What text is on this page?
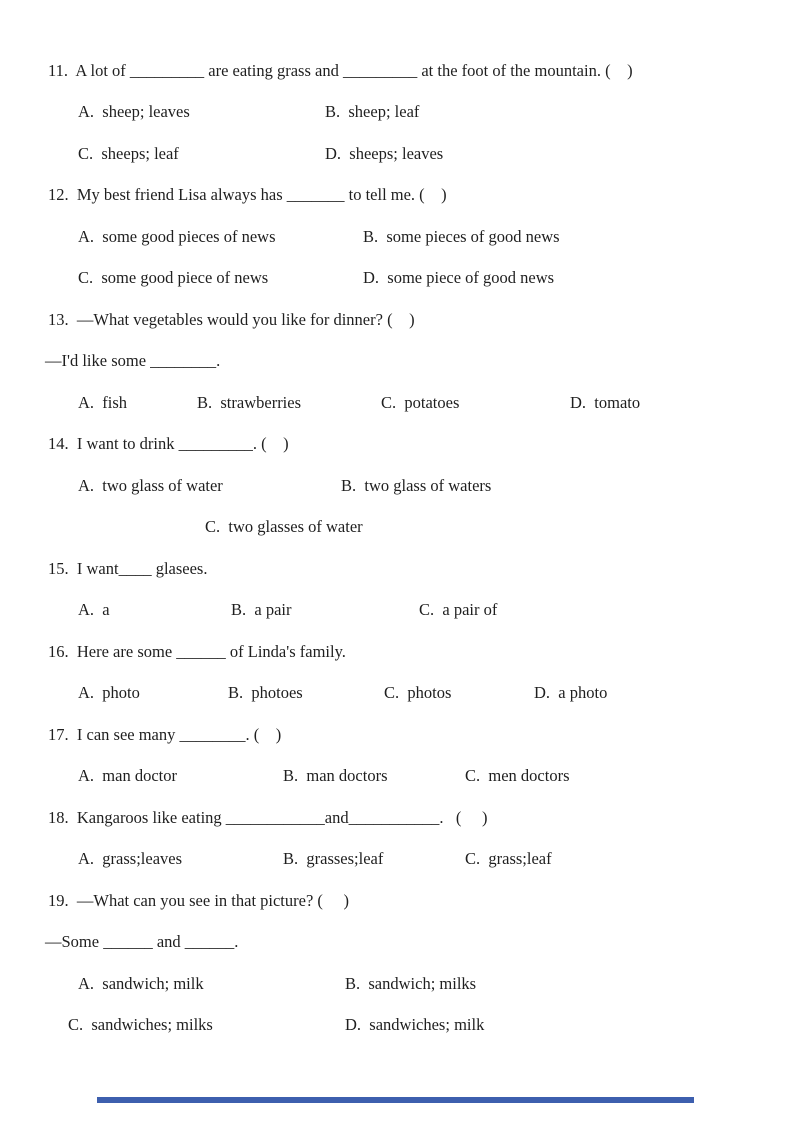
11.  A lot of _________ are eating grass and _________ at the foot of the mountain. (    )
A.  sheep; leaves	B.  sheep; leaf
C.  sheeps; leaf	D.  sheeps; leaves
12.  My best friend Lisa always has _______ to tell me. (    )
A.  some good pieces of news	B.  some pieces of good news
C.  some good piece of news	D.  some piece of good news
13.  —What vegetables would you like for dinner? (    )
—I'd like some ________.
A.  fish	B.  strawberries	C.  potatoes	D.  tomato
14.  I want to drink _________. (    )
A.  two glass of water	B.  two glass of waters
C.  two glasses of water
15.  I want____ glasees.
A.  a	B.  a pair	C.  a pair of
16.  Here are some ______ of Linda's family.
A.  photo	B.  photoes	C.  photos	D.  a photo
17.  I can see many ________. (    )
A.  man doctor	B.  man doctors	C.  men doctors
18.  Kangaroos like eating ____________and___________.   (     )
A.  grass;leaves	B.  grasses;leaf	C.  grass;leaf
19.  —What can you see in that picture? (     )
—Some ______ and ______.
A.  sandwich; milk	B.  sandwich; milks
C.  sandwiches; milks	D.  sandwiches; milk
